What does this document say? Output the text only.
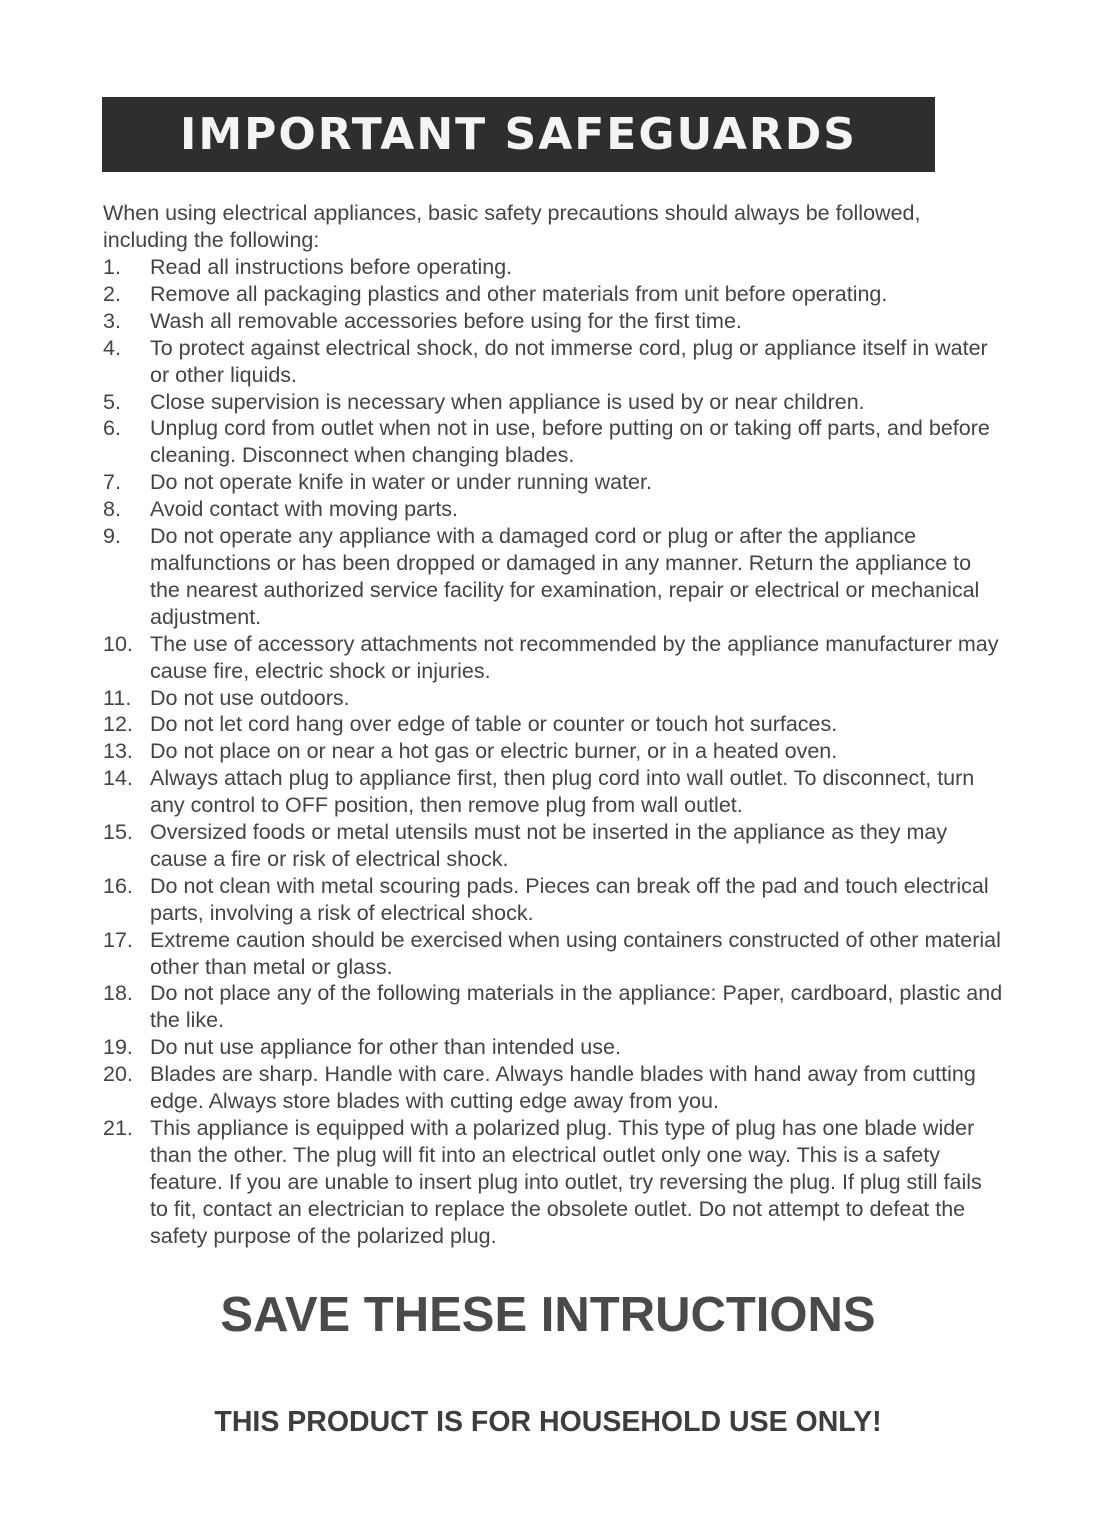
IMPORTANT SAFEGUARDS

When using electrical appliances, basic safety precautions should always be followed, including the following:

1.	Read all instructions before operating.
2.	Remove all packaging plastics and other materials from unit before operating.
3.	Wash all removable accessories before using for the first time.
4.	To protect against electrical shock, do not immerse cord, plug or appliance itself in water or other liquids.
5.	Close supervision is necessary when appliance is used by or near children.
6.	Unplug cord from outlet when not in use, before putting on or taking off parts, and before cleaning. Disconnect when changing blades.
7.	Do not operate knife in water or under running water.
8.	Avoid contact with moving parts.
9.	Do not operate any appliance with a damaged cord or plug or after the appliance malfunctions or has been dropped or damaged in any manner. Return the appliance to the nearest authorized service facility for examination, repair or electrical or mechanical adjustment.
10. The use of accessory attachments not recommended by the appliance manufacturer may cause fire, electric shock or injuries.
11. Do not use outdoors.
12. Do not let cord hang over edge of table or counter or touch hot surfaces.
13. Do not place on or near a hot gas or electric burner, or in a heated oven.
14. Always attach plug to appliance first, then plug cord into wall outlet. To disconnect, turn any control to OFF position, then remove plug from wall outlet.
15. Oversized foods or metal utensils must not be inserted in the appliance as they may cause a fire or risk of electrical shock.
16. Do not clean with metal scouring pads. Pieces can break off the pad and touch electrical parts, involving a risk of electrical shock.
17. Extreme caution should be exercised when using containers constructed of other material other than metal or glass.
18. Do not place any of the following materials in the appliance: Paper, cardboard, plastic and the like.
19. Do nut use appliance for other than intended use.
20. Blades are sharp. Handle with care. Always handle blades with hand away from cutting edge. Always store blades with cutting edge away from you.
21. This appliance is equipped with a polarized plug. This type of plug has one blade wider than the other. The plug will fit into an electrical outlet only one way. This is a safety feature. If you are unable to insert plug into outlet, try reversing the plug. If plug still fails to fit, contact an electrician to replace the obsolete outlet. Do not attempt to defeat the safety purpose of the polarized plug.
SAVE THESE INTRUCTIONS
THIS PRODUCT IS FOR HOUSEHOLD USE ONLY!
